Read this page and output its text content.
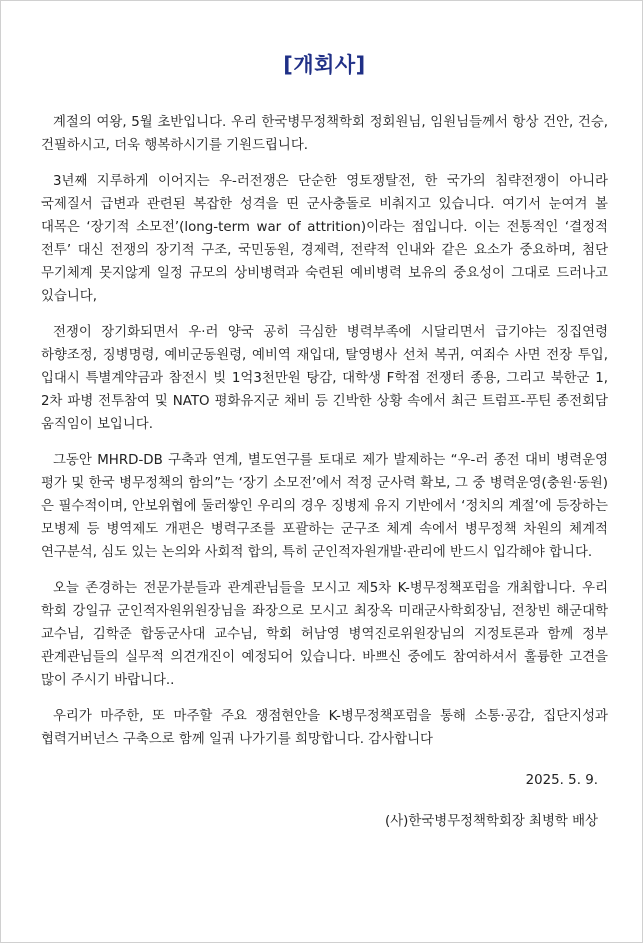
[개회사]

계절의 여왕, 5월 초반입니다. 우리 한국병무정책학회 정회원님, 임원님들께서 항상 건안, 건승, 건필하시고, 더욱 행복하시기를 기원드립니다.

3년째 지루하게 이어지는 우-러전쟁은 단순한 영토쟁탈전, 한 국가의 침략전쟁이 아니라 국제질서 급변과 관련된 복잡한 성격을 띤 군사충돌로 비춰지고 있습니다. 여기서 눈여겨 볼 대목은 ‘장기적 소모전’(long-term war of attrition)이라는 점입니다. 이는 전통적인 ‘결정적 전투’ 대신 전쟁의 장기적 구조, 국민동원, 경제력, 전략적 인내와 같은 요소가 중요하며, 첨단 무기체계 못지않게 일정 규모의 상비병력과 숙련된 예비병력 보유의 중요성이 그대로 드러나고 있습니다,

전쟁이 장기화되면서 우·러 양국 공히 극심한 병력부족에 시달리면서 급기야는 징집연령 하향조정, 징병명령, 예비군동원령, 예비역 재입대, 탈영병사 선처 복귀, 여죄수 사면 전장 투입, 입대시 특별계약금과 참전시 빚 1억3천만원 탕감, 대학생 F학점 전쟁터 종용, 그리고 북한군 1, 2차 파병 전투참여 및 NATO 평화유지군 채비 등 긴박한 상황 속에서 최근 트럼프-푸틴 종전회담 움직임이 보입니다.

그동안 MHRD-DB 구축과 연계, 별도연구를 토대로 제가 발제하는 “우-러 종전 대비 병력운영 평가 및 한국 병무정책의 함의”는 ‘장기 소모전’에서 적정 군사력 확보, 그 중 병력운영(충원·동원)은 필수적이며, 안보위협에 둘러쌓인 우리의 경우 징병제 유지 기반에서 ‘정치의 계절’에 등장하는 모병제 등 병역제도 개편은 병력구조를 포괄하는 군구조 체계 속에서 병무정책 차원의 체계적 연구분석, 심도 있는 논의와 사회적 합의, 특히 군인적자원개발·관리에 반드시 입각해야 합니다.

오늘 존경하는 전문가분들과 관계관님들을 모시고 제5차 K-병무정책포럼을 개최합니다. 우리 학회 강일규 군인적자원위원장님을 좌장으로 모시고 최장옥 미래군사학회장님, 전창빈 해군대학 교수님, 김학준 합동군사대 교수님, 학회 허남영 병역진로위원장님의 지정토론과 함께 정부 관계관님들의 실무적 의견개진이 예정되어 있습니다. 바쁘신 중에도 참여하셔서 훌륭한 고견을 많이 주시기 바랍니다..

우리가 마주한, 또 마주할 주요 쟁점현안을 K-병무정책포럼을 통해 소통·공감, 집단지성과 협력거버넌스 구축으로 함께 일궈 나가기를 희망합니다. 감사합니다

2025. 5. 9.
(사)한국병무정책학회장 최병학 배상
